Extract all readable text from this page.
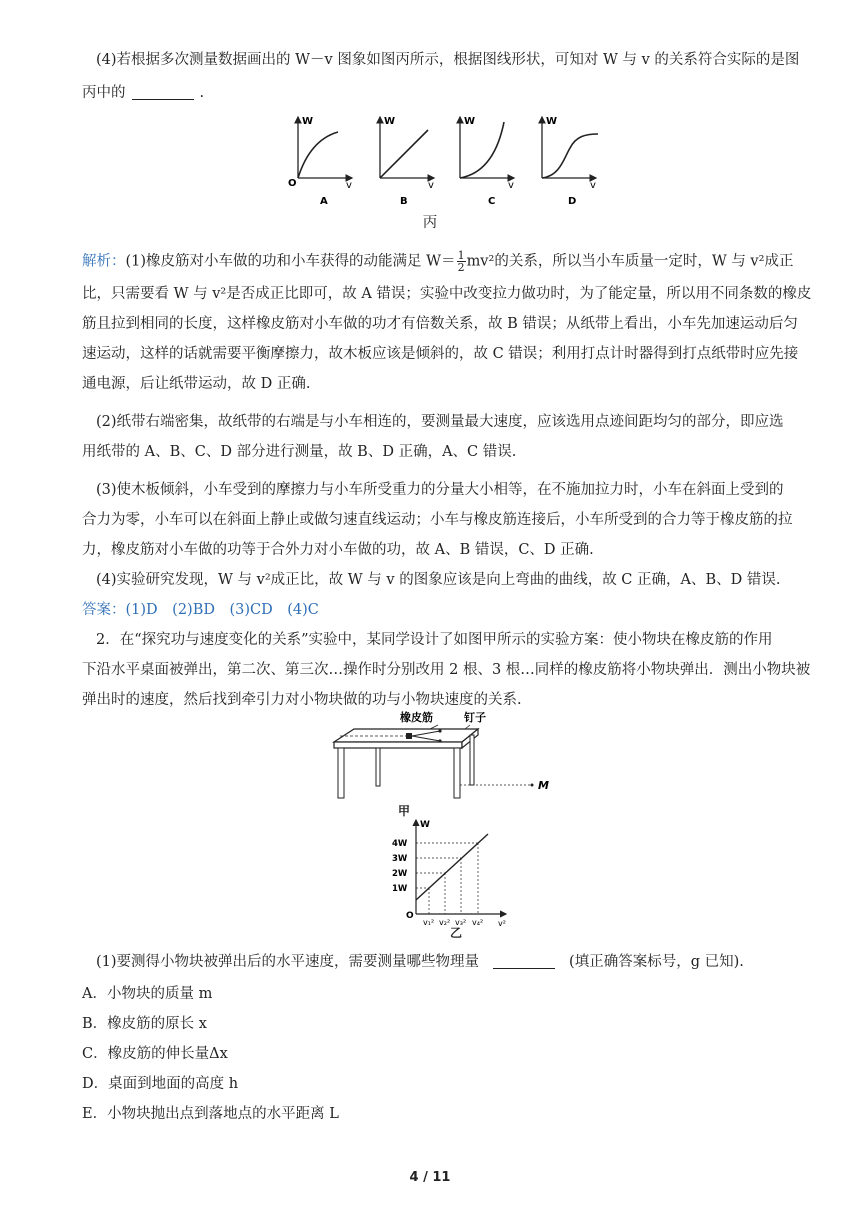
(4)若根据多次测量数据画出的 W－v 图象如图丙所示，根据图线形状，可知对 W 与 v 的关系符合实际的是图
丙中的	.
W
v
O
A
W
v
B
W
v
C
W
v
D
丙
解析：(1)橡皮筋对小车做的功和小车获得的动能满足 $W= \frac{1}{2} mv^2$的关系，所以当小车质量一定时，W 与 v²成正
比，只需要看 W 与 v²是否成正比即可，故 A 错误；实验中改变拉力做功时，为了能定量，所以用不同条数的橡皮
筋且拉到相同的长度，这样橡皮筋对小车做的功才有倍数关系，故 B 错误；从纸带上看出，小车先加速运动后匀
速运动，这样的话就需要平衡摩擦力，故木板应该是倾斜的，故 C 错误；利用打点计时器得到打点纸带时应先接
通电源，后让纸带运动，故 D 正确.
(2)纸带右端密集，故纸带的右端是与小车相连的，要测量最大速度，应该选用点迹间距均匀的部分，即应选
用纸带的 A、B、C、D 部分进行测量，故 B、D 正确，A、C 错误.
(3)使木板倾斜，小车受到的摩擦力与小车所受重力的分量大小相等，在不施加拉力时，小车在斜面上受到的
合力为零，小车可以在斜面上静止或做匀速直线运动；小车与橡皮筋连接后，小车所受到的合力等于橡皮筋的拉
力，橡皮筋对小车做的功等于合外力对小车做的功，故 A、B 错误，C、D 正确.
(4)实验研究发现，W 与 v²成正比，故 W 与 v 的图象应该是向上弯曲的曲线，故 C 正确，A、B、D 错误.
答案：(1)D　(2)BD　(3)CD　(4)C
2．在“探究功与速度变化的关系”实验中，某同学设计了如图甲所示的实验方案：使小物块在橡皮筋的作用
下沿水平桌面被弹出，第二次、第三次…操作时分别改用 2 根、3 根…同样的橡皮筋将小物块弹出．测出小物块被
弹出时的速度，然后找到牵引力对小物块做的功与小物块速度的关系.
橡皮筋	钉子
M
甲
W
O
v²
4W
3W
2W
1W
v₁² v₂² v₃² v₄²
乙
(1)要测得小物块被弹出后的水平速度，需要测量哪些物理量	(填正确答案标号，g 已知).
A．小物块的质量 m
B．橡皮筋的原长 x
C．橡皮筋的伸长量Δx
D．桌面到地面的高度 h
E．小物块抛出点到落地点的水平距离 L
4 / 11
